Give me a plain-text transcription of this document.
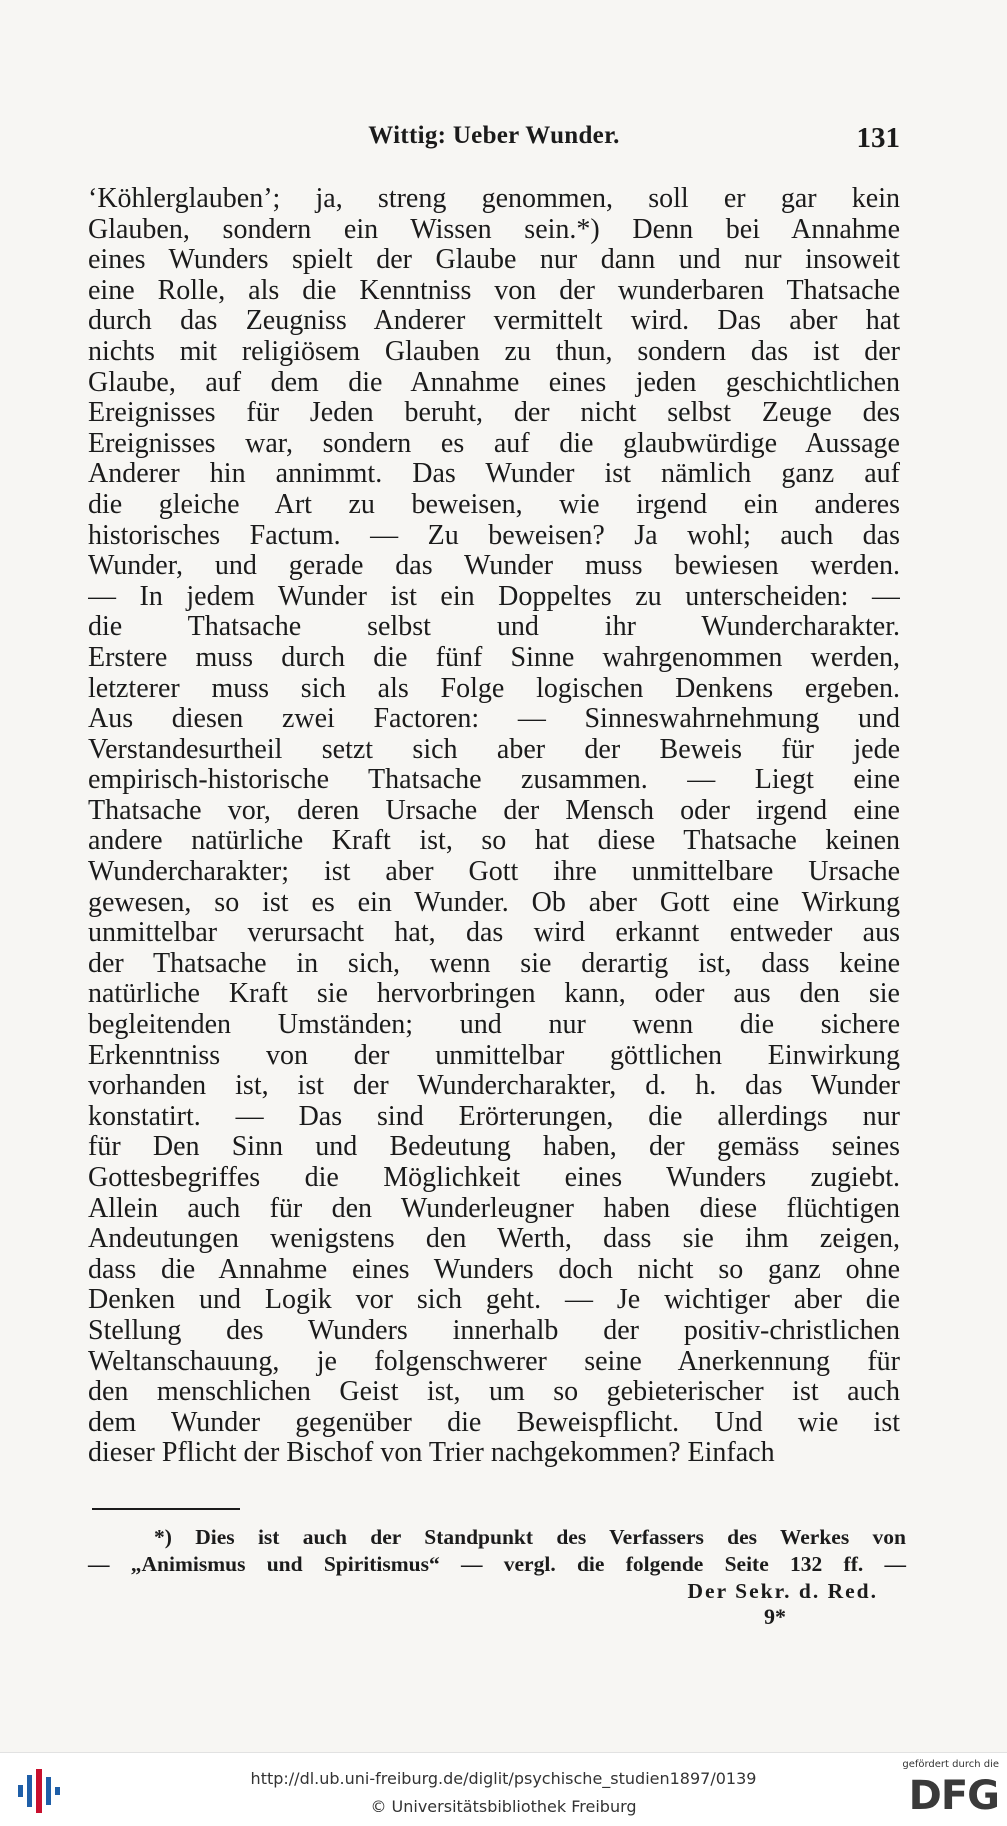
Wittig: Ueber Wunder.	131
‘Köhlerglauben’; ja, streng genommen, soll er gar kein
Glauben, sondern ein Wissen sein.*) Denn bei Annahme
eines Wunders spielt der Glaube nur dann und nur insoweit
eine Rolle, als die Kenntniss von der wunderbaren Thatsache
durch das Zeugniss Anderer vermittelt wird. Das aber hat
nichts mit religiösem Glauben zu thun, sondern das ist der
Glaube, auf dem die Annahme eines jeden geschichtlichen
Ereignisses für Jeden beruht, der nicht selbst Zeuge des
Ereignisses war, sondern es auf die glaubwürdige Aussage
Anderer hin annimmt. Das Wunder ist nämlich ganz auf
die gleiche Art zu beweisen, wie irgend ein anderes
historisches Factum. — Zu beweisen? Ja wohl; auch das
Wunder, und gerade das Wunder muss bewiesen werden.
— In jedem Wunder ist ein Doppeltes zu unterscheiden: —
die Thatsache selbst und ihr Wundercharakter.
Erstere muss durch die fünf Sinne wahrgenommen werden,
letzterer muss sich als Folge logischen Denkens ergeben.
Aus diesen zwei Factoren: — Sinneswahrnehmung und
Verstandesurtheil setzt sich aber der Beweis für jede
empirisch-historische Thatsache zusammen. — Liegt eine
Thatsache vor, deren Ursache der Mensch oder irgend eine
andere natürliche Kraft ist, so hat diese Thatsache keinen
Wundercharakter; ist aber Gott ihre unmittelbare Ursache
gewesen, so ist es ein Wunder. Ob aber Gott eine Wirkung
unmittelbar verursacht hat, das wird erkannt entweder aus
der Thatsache in sich, wenn sie derartig ist, dass keine
natürliche Kraft sie hervorbringen kann, oder aus den sie
begleitenden Umständen; und nur wenn die sichere
Erkenntniss von der unmittelbar göttlichen Einwirkung
vorhanden ist, ist der Wundercharakter, d. h. das Wunder
konstatirt. — Das sind Erörterungen, die allerdings nur
für Den Sinn und Bedeutung haben, der gemäss seines
Gottesbegriffes die Möglichkeit eines Wunders zugiebt.
Allein auch für den Wunderleugner haben diese flüchtigen
Andeutungen wenigstens den Werth, dass sie ihm zeigen,
dass die Annahme eines Wunders doch nicht so ganz ohne
Denken und Logik vor sich geht. — Je wichtiger aber die
Stellung des Wunders innerhalb der positiv-christlichen
Weltanschauung, je folgenschwerer seine Anerkennung für
den menschlichen Geist ist, um so gebieterischer ist auch
dem Wunder gegenüber die Beweispflicht. Und wie ist
dieser Pflicht der Bischof von Trier nachgekommen? Einfach
*) Dies ist auch der Standpunkt des Verfassers des Werkes von
— „Animismus und Spiritismus“ — vergl. die folgende Seite 132 ff. —
Der Sekr. d. Red.
9*
http://dl.ub.uni-freiburg.de/diglit/psychische_studien1897/0139
© Universitätsbibliothek Freiburg
gefördert durch die
DFG
